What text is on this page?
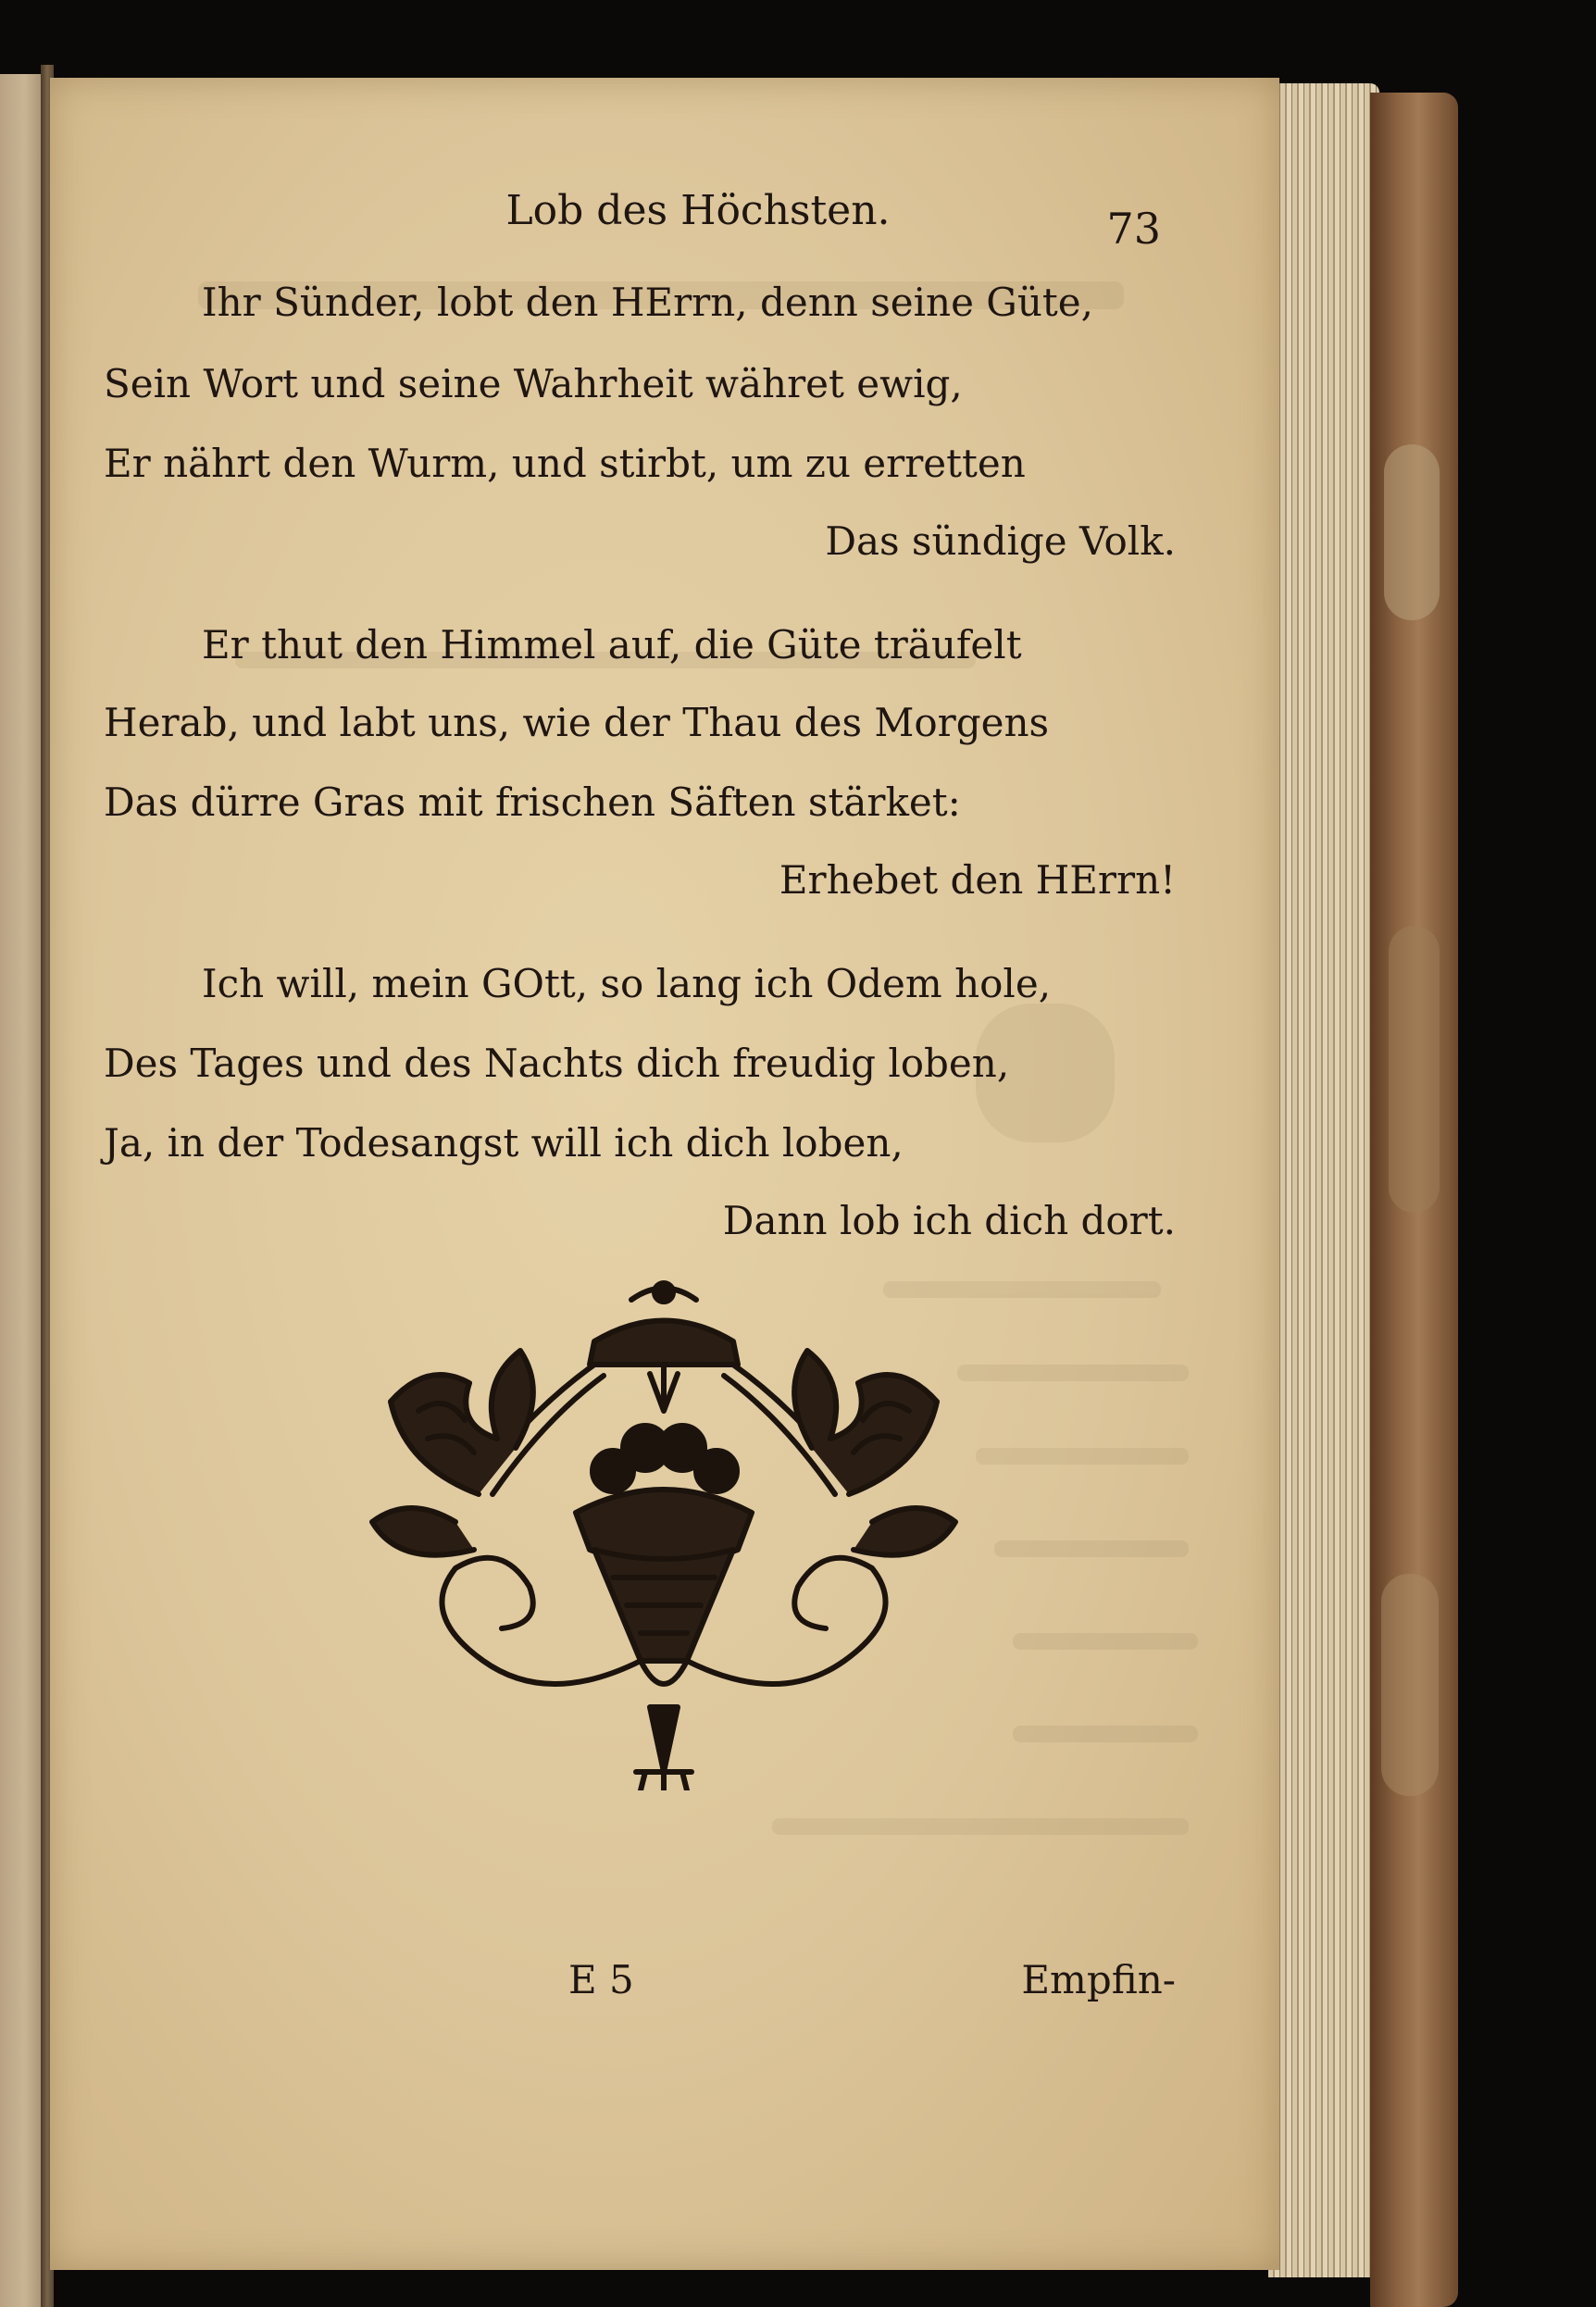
Lob des Höchsten.	73
Ihr Sünder, lobt den HErrn, denn seine Güte,
Sein Wort und seine Wahrheit währet ewig,
Er nährt den Wurm, und stirbt, um zu erretten
Das sündige Volk.
Er thut den Himmel auf, die Güte träufelt
Herab, und labt uns, wie der Thau des Morgens
Das dürre Gras mit frischen Säften stärket:
Erhebet den HErrn!
Ich will, mein GOtt, so lang ich Odem hole,
Des Tages und des Nachts dich freudig loben,
Ja, in der Todesangst will ich dich loben,
Dann lob ich dich dort.
E 5	Empfin-
